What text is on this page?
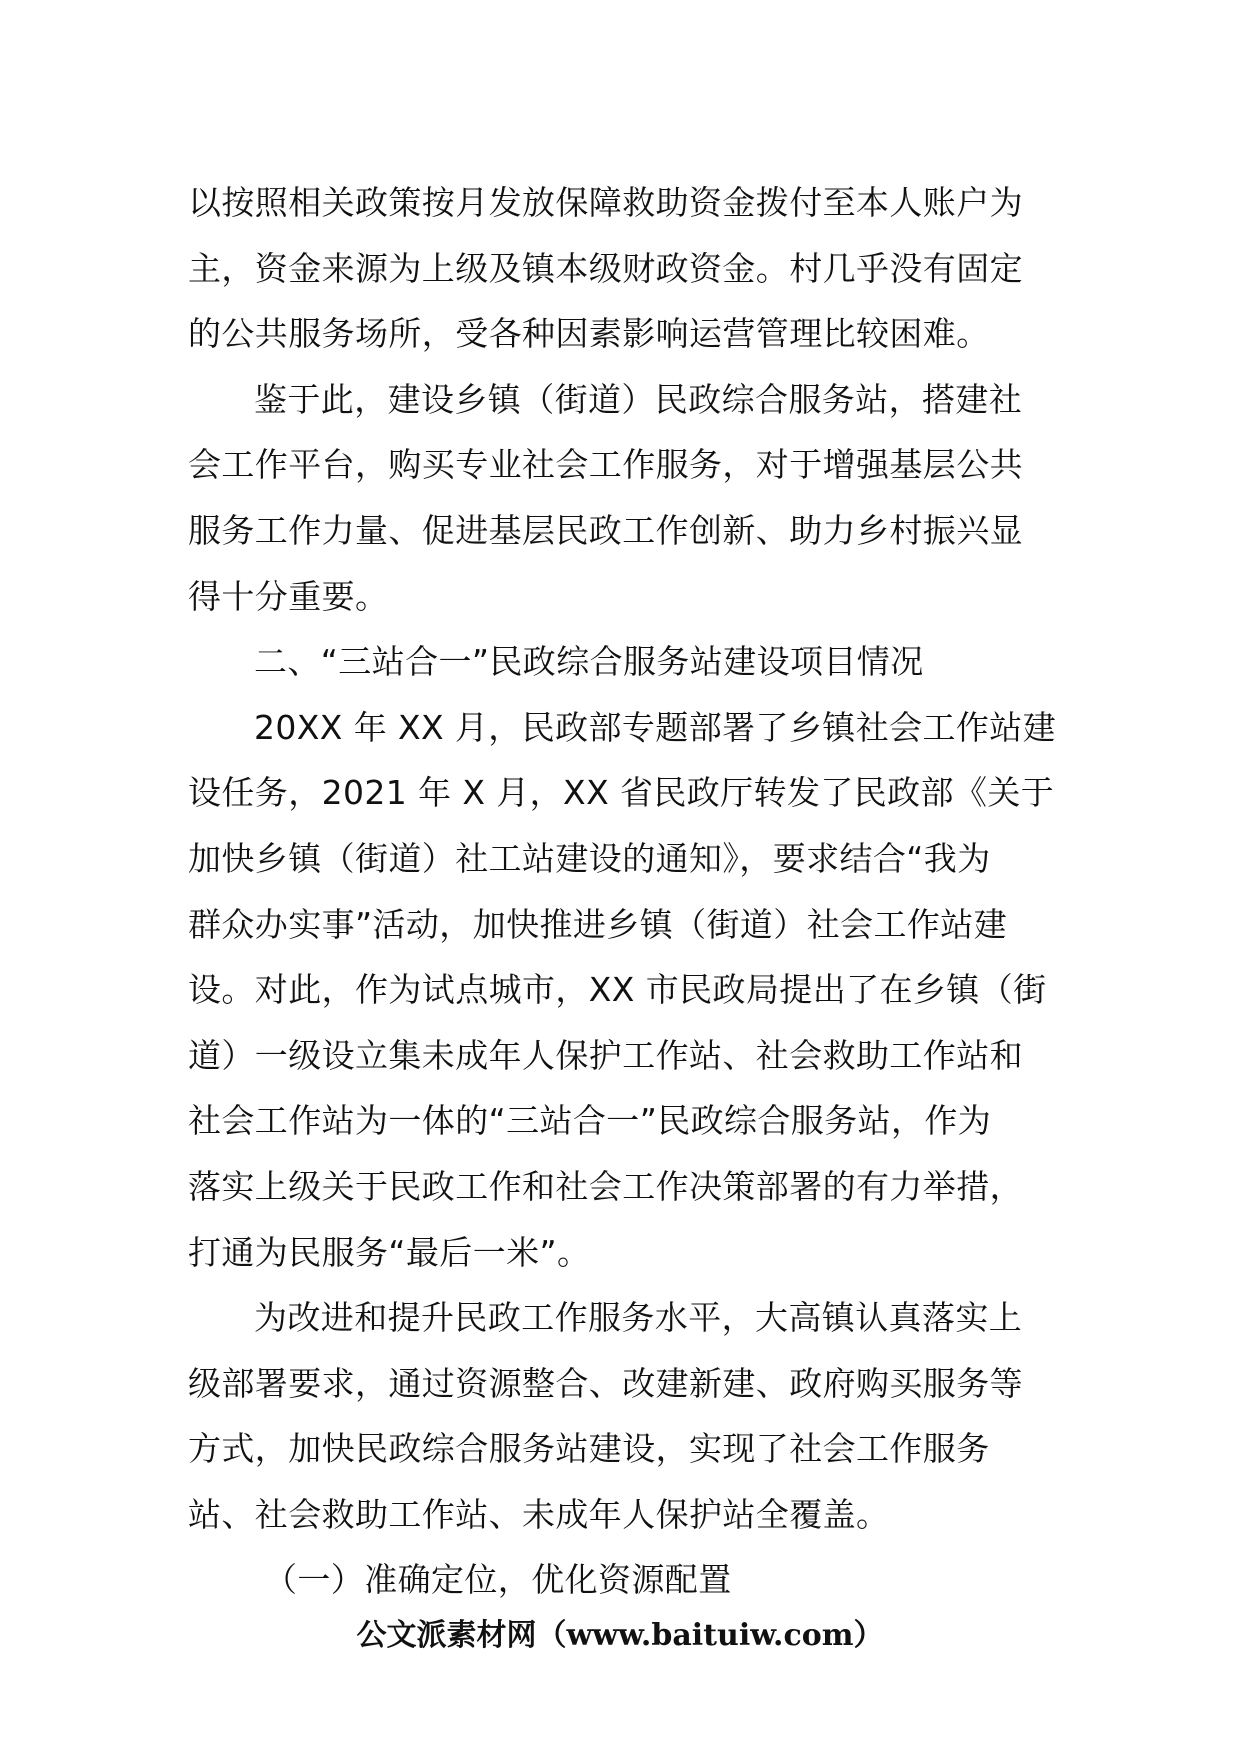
以按照相关政策按月发放保障救助资金拨付至本人账户为
主，资金来源为上级及镇本级财政资金。村几乎没有固定
的公共服务场所，受各种因素影响运营管理比较困难。
鉴于此，建设乡镇（街道）民政综合服务站，搭建社
会工作平台，购买专业社会工作服务，对于增强基层公共
服务工作力量、促进基层民政工作创新、助力乡村振兴显
得十分重要。
二、“三站合一”民政综合服务站建设项目情况
20XX 年 XX 月，民政部专题部署了乡镇社会工作站建
设任务，2021 年 X 月，XX 省民政厅转发了民政部《关于
加快乡镇（街道）社工站建设的通知》，要求结合“我为
群众办实事”活动，加快推进乡镇（街道）社会工作站建
设。对此，作为试点城市，XX 市民政局提出了在乡镇（街
道）一级设立集未成年人保护工作站、社会救助工作站和
社会工作站为一体的“三站合一”民政综合服务站，作为
落实上级关于民政工作和社会工作决策部署的有力举措，
打通为民服务“最后一米”。
为改进和提升民政工作服务水平，大高镇认真落实上
级部署要求，通过资源整合、改建新建、政府购买服务等
方式，加快民政综合服务站建设，实现了社会工作服务
站、社会救助工作站、未成年人保护站全覆盖。
（一）准确定位，优化资源配置
公文派素材网（www.baituiw.com）
